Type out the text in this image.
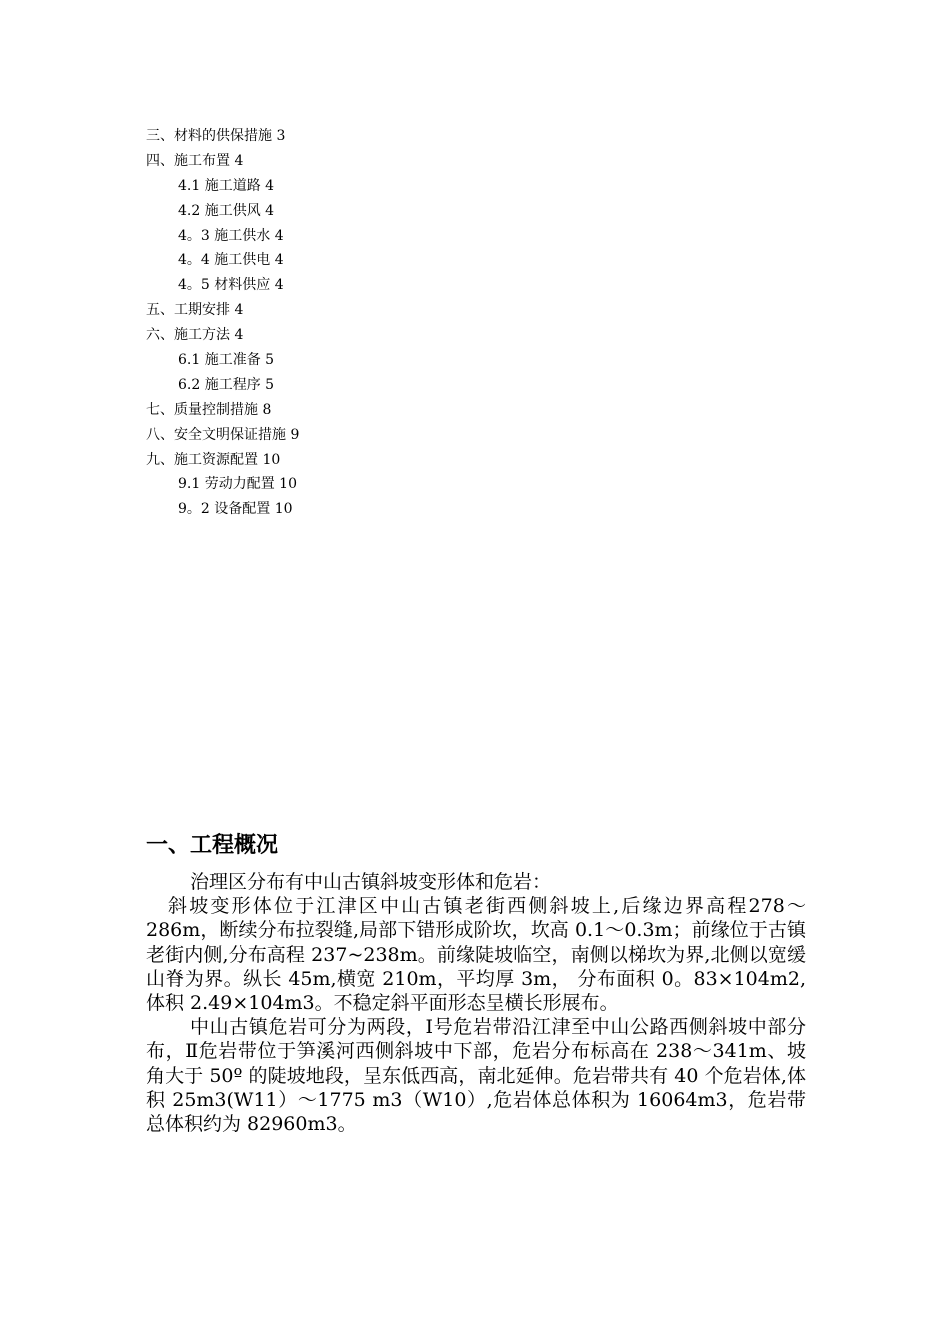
三、材料的供保措施 3
四、施工布置 4
4.1 施工道路 4
4.2 施工供风 4
4。3 施工供水 4
4。4 施工供电 4
4。5 材料供应 4
五、工期安排 4
六、施工方法 4
6.1 施工准备 5
6.2 施工程序 5
七、质量控制措施 8
八、安全文明保证措施 9
九、施工资源配置 10
9.1 劳动力配置 10
9。2 设备配置 10
一、工程概况

治理区分布有中山古镇斜坡变形体和危岩：

斜坡变形体位于江津区中山古镇老街西侧斜坡上,后缘边界高程278～286m，断续分布拉裂缝,局部下错形成阶坎，坎高 0.1～0.3m；前缘位于古镇老街内侧,分布高程 237~238m。前缘陡坡临空，南侧以梯坎为界,北侧以宽缓山脊为界。纵长 45m,横宽 210m，平均厚 3m， 分布面积 0。83×104m2,体积 2.49×104m3。不稳定斜平面形态呈横长形展布。

中山古镇危岩可分为两段，Ⅰ号危岩带沿江津至中山公路西侧斜坡中部分布，Ⅱ危岩带位于笋溪河西侧斜坡中下部，危岩分布标高在 238～341m、坡角大于 50º 的陡坡地段，呈东低西高，南北延伸。危岩带共有 40 个危岩体,体积 25m3(W11）～1775 m3（W10）,危岩体总体积为 16064m3，危岩带总体积约为 82960m3。
